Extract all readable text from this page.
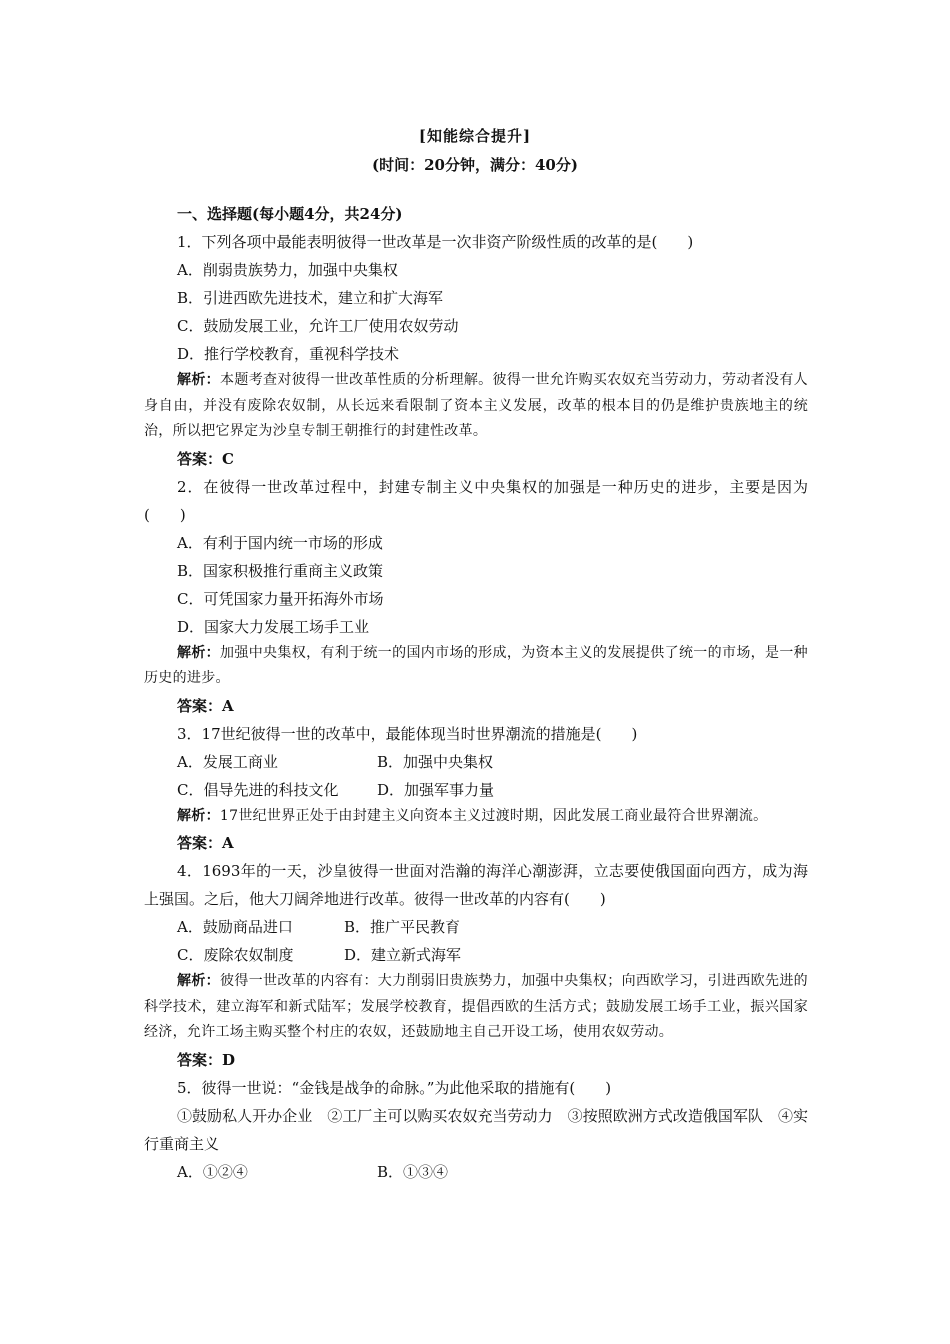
[知能综合提升]
(时间：20分钟，满分：40分)
一、选择题(每小题4分，共24分)
1．下列各项中最能表明彼得一世改革是一次非资产阶级性质的改革的是(　　)
A．削弱贵族势力，加强中央集权
B．引进西欧先进技术，建立和扩大海军
C．鼓励发展工业，允许工厂使用农奴劳动
D．推行学校教育，重视科学技术
解析：本题考查对彼得一世改革性质的分析理解。彼得一世允许购买农奴充当劳动力，劳动者没有人身自由，并没有废除农奴制，从长远来看限制了资本主义发展，改革的根本目的仍是维护贵族地主的统治，所以把它界定为沙皇专制王朝推行的封建性改革。
答案：C
2．在彼得一世改革过程中，封建专制主义中央集权的加强是一种历史的进步，主要是因为(　　)
A．有利于国内统一市场的形成
B．国家积极推行重商主义政策
C．可凭国家力量开拓海外市场
D．国家大力发展工场手工业
解析：加强中央集权，有利于统一的国内市场的形成，为资本主义的发展提供了统一的市场，是一种历史的进步。
答案：A
3．17世纪彼得一世的改革中，最能体现当时世界潮流的措施是(　　)
A．发展工商业	B．加强中央集权
C．倡导先进的科技文化	D．加强军事力量
解析：17世纪世界正处于由封建主义向资本主义过渡时期，因此发展工商业最符合世界潮流。
答案：A
4．1693年的一天，沙皇彼得一世面对浩瀚的海洋心潮澎湃，立志要使俄国面向西方，成为海上强国。之后，他大刀阔斧地进行改革。彼得一世改革的内容有(　　)
A．鼓励商品进口	B．推广平民教育
C．废除农奴制度	D．建立新式海军
解析：彼得一世改革的内容有：大力削弱旧贵族势力，加强中央集权；向西欧学习，引进西欧先进的科学技术，建立海军和新式陆军；发展学校教育，提倡西欧的生活方式；鼓励发展工场手工业，振兴国家经济，允许工场主购买整个村庄的农奴，还鼓励地主自己开设工场，使用农奴劳动。
答案：D
5．彼得一世说：“金钱是战争的命脉。”为此他采取的措施有(　　)
①鼓励私人开办企业　②工厂主可以购买农奴充当劳动力　③按照欧洲方式改造俄国军队　④实行重商主义
A．①②④	B．①③④
